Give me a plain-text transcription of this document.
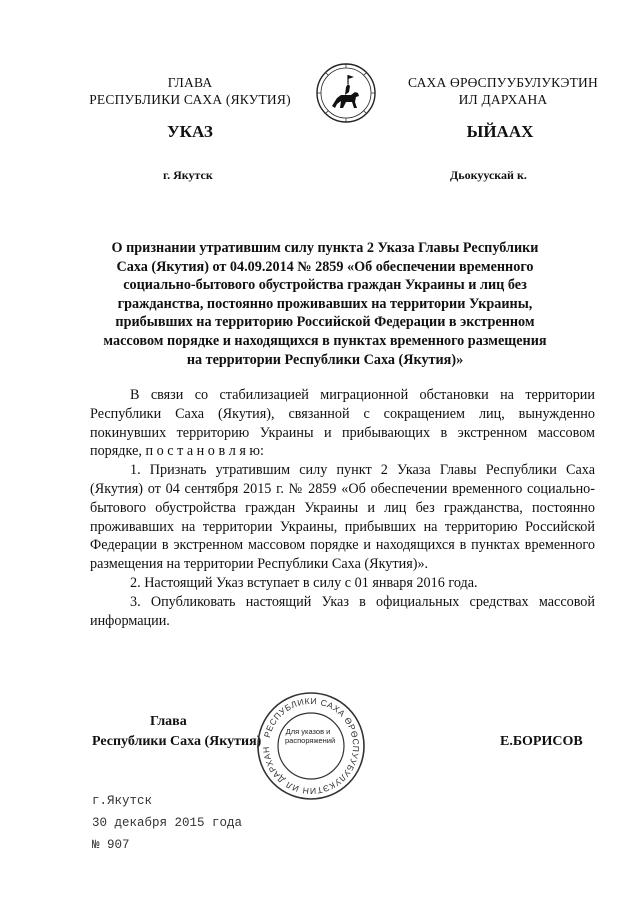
ГЛАВА
РЕСПУБЛИКИ САХА (ЯКУТИЯ)
САХА ӨРӨСПУУБУЛУКЭТИН
ИЛ ДАРХАНА
УКАЗ	ЫЙААХ
г. Якутск	Дьокуускай к.
О признании утратившим силу пункта 2 Указа Главы Республики
Саха (Якутия) от 04.09.2014 № 2859 «Об обеспечении временного
социально-бытового обустройства граждан Украины и лиц без
гражданства, постоянно проживавших на территории Украины,
прибывших на территорию Российской Федерации в экстренном
массовом порядке и находящихся в пунктах временного размещения
на территории Республики Саха (Якутия)»

В связи со стабилизацией миграционной обстановки на территории Республики Саха (Якутия), связанной с сокращением лиц, вынужденно покинувших территорию Украины и прибывающих в экстренном массовом порядке, п о с т а н о в л я ю:

1. Признать утратившим силу пункт 2 Указа Главы Республики Саха (Якутия) от 04 сентября 2015 г. № 2859 «Об обеспечении временного социально-бытового обустройства граждан Украины и лиц без гражданства, постоянно проживавших на территории Украины, прибывших на территорию Российской Федерации в экстренном массовом порядке и находящихся в пунктах временного размещения на территории Республики Саха (Якутия)».

2. Настоящий Указ вступает в силу с 01 января 2016 года.

3. Опубликовать настоящий Указ в официальных средствах массовой информации.

Глава
Республики Саха (Якутия)	Е.БОРИСОВ
РЕСПУБЛИКИ САХА ӨРӨСПУУБУЛУКЭТИН ИЛ ДАРХАН
Для указов и распоряжений
г.Якутск
30 декабря 2015 года
№ 907
